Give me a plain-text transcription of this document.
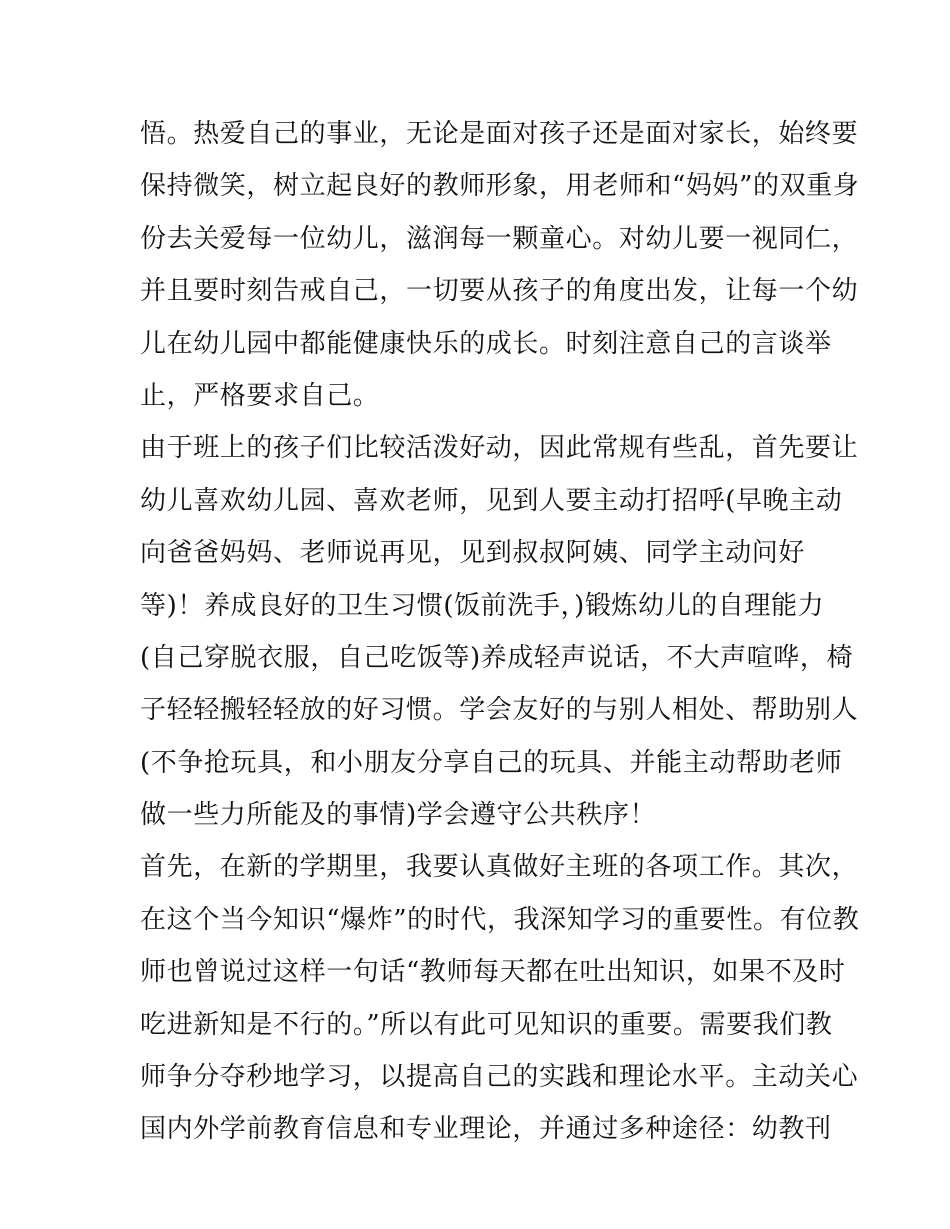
悟。热爱自己的事业，无论是面对孩子还是面对家长，始终要
保持微笑，树立起良好的教师形象，用老师和“妈妈”的双重身
份去关爱每一位幼儿，滋润每一颗童心。对幼儿要一视同仁，
并且要时刻告戒自己，一切要从孩子的角度出发，让每一个幼
儿在幼儿园中都能健康快乐的成长。时刻注意自己的言谈举
止，严格要求自己。
由于班上的孩子们比较活泼好动，因此常规有些乱，首先要让
幼儿喜欢幼儿园、喜欢老师，见到人要主动打招呼(早晚主动
向爸爸妈妈、老师说再见，见到叔叔阿姨、同学主动问好
等)！养成良好的卫生习惯(饭前洗手，)锻炼幼儿的自理能力
(自己穿脱衣服，自己吃饭等)养成轻声说话，不大声喧哗，椅
子轻轻搬轻轻放的好习惯。学会友好的与别人相处、帮助别人
(不争抢玩具，和小朋友分享自己的玩具、并能主动帮助老师
做一些力所能及的事情)学会遵守公共秩序！
首先，在新的学期里，我要认真做好主班的各项工作。其次，
在这个当今知识“爆炸”的时代，我深知学习的重要性。有位教
师也曾说过这样一句话“教师每天都在吐出知识，如果不及时
吃进新知是不行的。”所以有此可见知识的重要。需要我们教
师争分夺秒地学习，以提高自己的实践和理论水平。主动关心
国内外学前教育信息和专业理论，并通过多种途径：幼教刊
